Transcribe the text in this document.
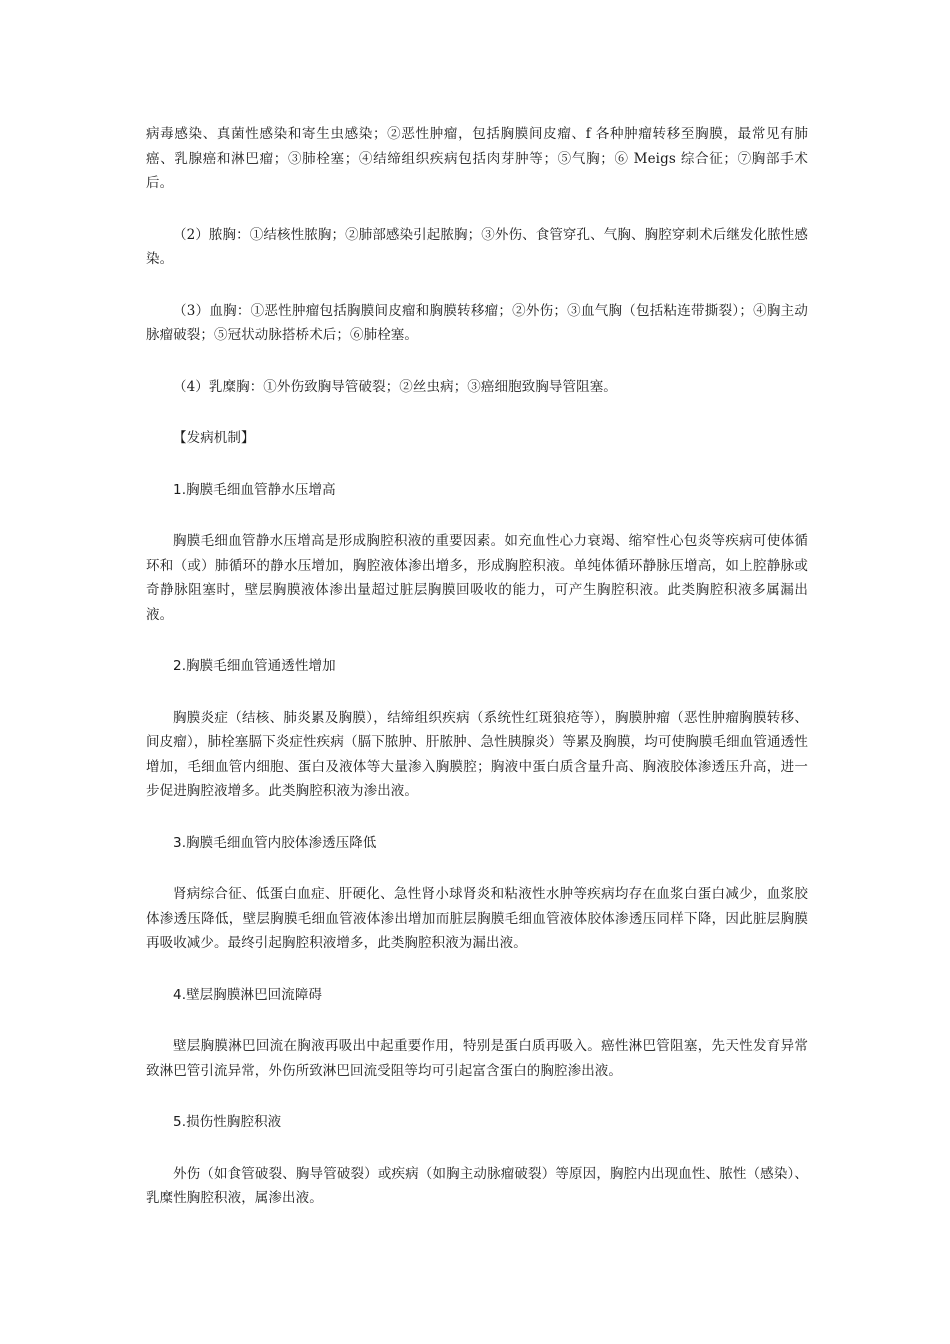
病毒感染、真菌性感染和寄生虫感染；②恶性肿瘤，包括胸膜间皮瘤、f 各种肿瘤转移至胸膜，最常见有肺癌、乳腺癌和淋巴瘤；③肺栓塞；④结缔组织疾病包括肉芽肿等；⑤气胸；⑥ Meigs 综合征；⑦胸部手术后。

（2）脓胸：①结核性脓胸；②肺部感染引起脓胸；③外伤、食管穿孔、气胸、胸腔穿刺术后继发化脓性感染。

（3）血胸：①恶性肿瘤包括胸膜间皮瘤和胸膜转移瘤；②外伤；③血气胸（包括粘连带撕裂）；④胸主动脉瘤破裂；⑤冠状动脉搭桥术后；⑥肺栓塞。

（4）乳糜胸：①外伤致胸导管破裂；②丝虫病；③癌细胞致胸导管阻塞。

【发病机制】

1.胸膜毛细血管静水压增高

胸膜毛细血管静水压增高是形成胸腔积液的重要因素。如充血性心力衰竭、缩窄性心包炎等疾病可使体循环和（或）肺循环的静水压增加，胸腔液体渗出增多，形成胸腔积液。单纯体循环静脉压增高，如上腔静脉或奇静脉阻塞时，壁层胸膜液体渗出量超过脏层胸膜回吸收的能力，可产生胸腔积液。此类胸腔积液多属漏出液。

2.胸膜毛细血管通透性增加

胸膜炎症（结核、肺炎累及胸膜），结缔组织疾病（系统性红斑狼疮等），胸膜肿瘤（恶性肿瘤胸膜转移、间皮瘤），肺栓塞膈下炎症性疾病（膈下脓肿、肝脓肿、急性胰腺炎）等累及胸膜，均可使胸膜毛细血管通透性增加，毛细血管内细胞、蛋白及液体等大量渗入胸膜腔；胸液中蛋白质含量升高、胸液胶体渗透压升高，进一步促进胸腔液增多。此类胸腔积液为渗出液。

3.胸膜毛细血管内胶体渗透压降低

肾病综合征、低蛋白血症、肝硬化、急性肾小球肾炎和粘液性水肿等疾病均存在血浆白蛋白减少，血浆胶体渗透压降低，壁层胸膜毛细血管液体渗出增加而脏层胸膜毛细血管液体胶体渗透压同样下降，因此脏层胸膜再吸收减少。最终引起胸腔积液增多，此类胸腔积液为漏出液。

4.壁层胸膜淋巴回流障碍

壁层胸膜淋巴回流在胸液再吸出中起重要作用，特别是蛋白质再吸入。癌性淋巴管阻塞，先天性发育异常致淋巴管引流异常，外伤所致淋巴回流受阻等均可引起富含蛋白的胸腔渗出液。

5.损伤性胸腔积液

外伤（如食管破裂、胸导管破裂）或疾病（如胸主动脉瘤破裂）等原因，胸腔内出现血性、脓性（感染）、乳糜性胸腔积液，属渗出液。
